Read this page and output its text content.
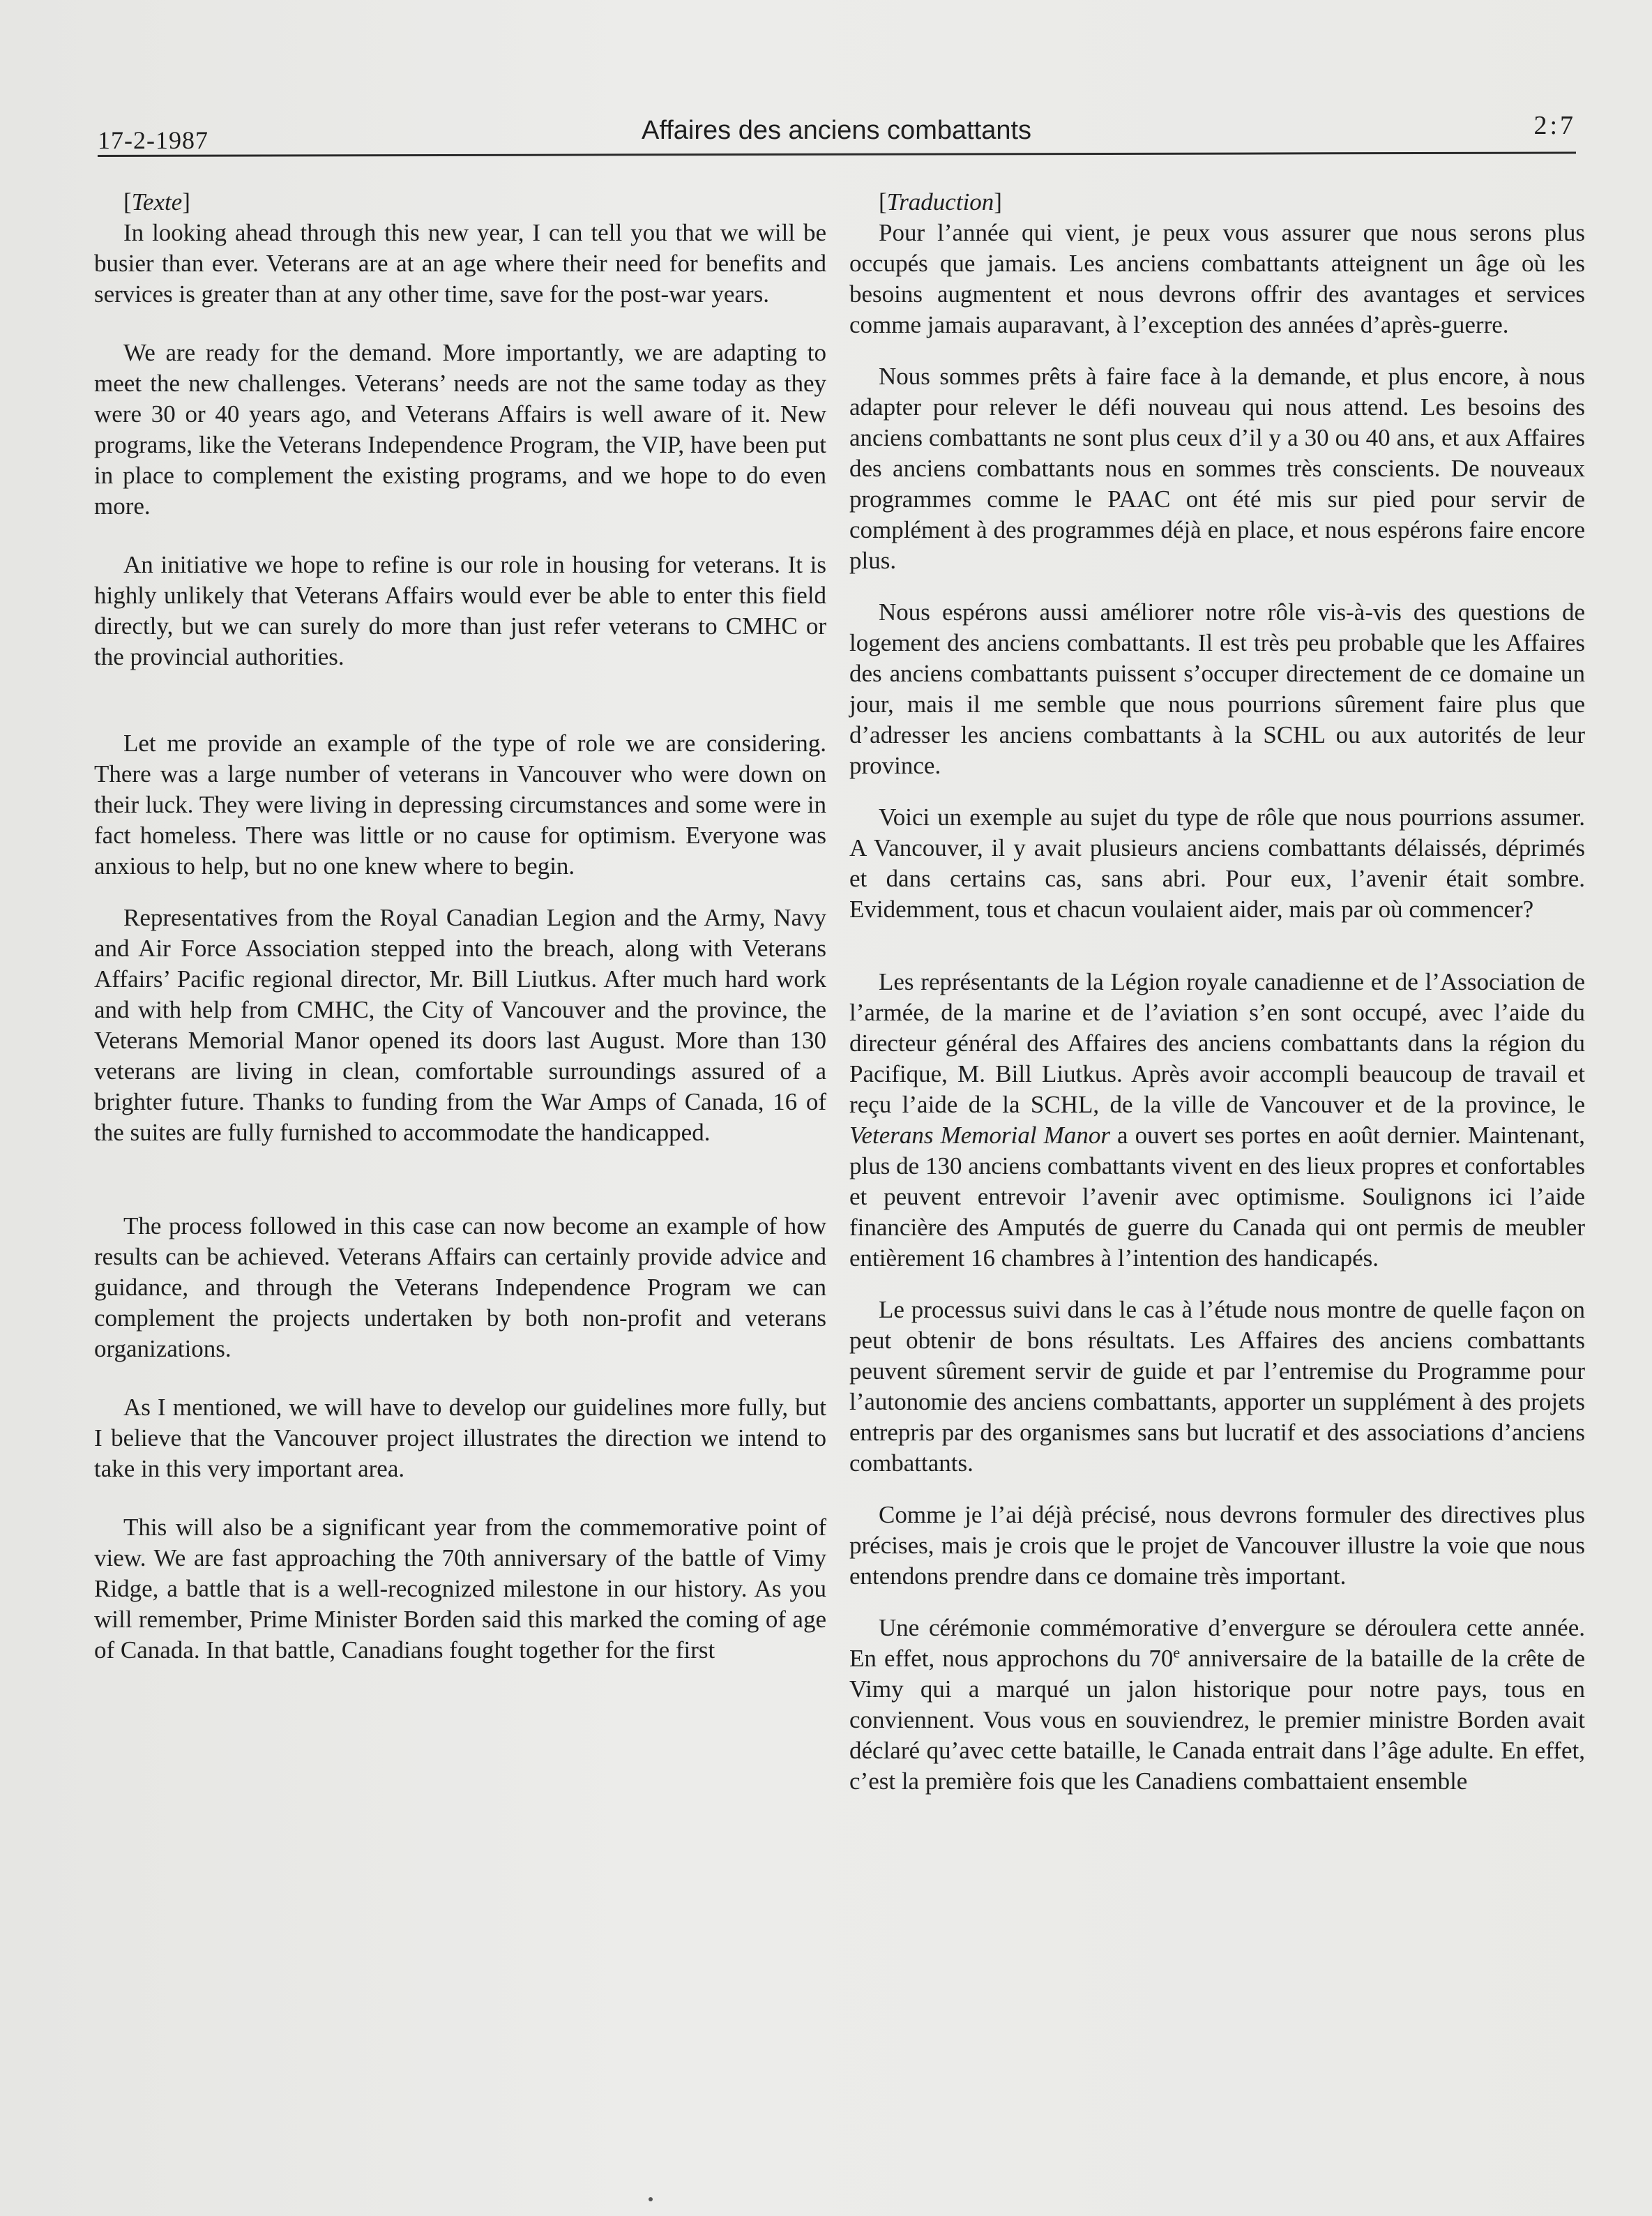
17-2-1987	Affaires des anciens combattants	2:7

[Texte]

In looking ahead through this new year, I can tell you that we will be busier than ever. Veterans are at an age where their need for benefits and services is greater than at any other time, save for the post-war years.

We are ready for the demand. More importantly, we are adapting to meet the new challenges. Veterans’ needs are not the same today as they were 30 or 40 years ago, and Veterans Affairs is well aware of it. New programs, like the Veterans Independence Program, the VIP, have been put in place to complement the existing programs, and we hope to do even more.

An initiative we hope to refine is our role in housing for veterans. It is highly unlikely that Veterans Affairs would ever be able to enter this field directly, but we can surely do more than just refer veterans to CMHC or the provincial authorities.

Let me provide an example of the type of role we are considering. There was a large number of veterans in Vancouver who were down on their luck. They were living in depressing circumstances and some were in fact homeless. There was little or no cause for optimism. Everyone was anxious to help, but no one knew where to begin.

Representatives from the Royal Canadian Legion and the Army, Navy and Air Force Association stepped into the breach, along with Veterans Affairs’ Pacific regional director, Mr. Bill Liutkus. After much hard work and with help from CMHC, the City of Vancouver and the province, the Veterans Memorial Manor opened its doors last August. More than 130 veterans are living in clean, comfortable surroundings assured of a brighter future. Thanks to funding from the War Amps of Canada, 16 of the suites are fully furnished to accommodate the handicapped.

The process followed in this case can now become an example of how results can be achieved. Veterans Affairs can certainly provide advice and guidance, and through the Veterans Independence Program we can complement the projects undertaken by both non-profit and veterans organizations.

As I mentioned, we will have to develop our guidelines more fully, but I believe that the Vancouver project illustrates the direction we intend to take in this very important area.

This will also be a significant year from the commemorative point of view. We are fast approaching the 70th anniversary of the battle of Vimy Ridge, a battle that is a well-recognized milestone in our history. As you will remember, Prime Minister Borden said this marked the coming of age of Canada. In that battle, Canadians fought together for the first

[Traduction]

Pour l’année qui vient, je peux vous assurer que nous serons plus occupés que jamais. Les anciens combattants atteignent un âge où les besoins augmentent et nous devrons offrir des avantages et services comme jamais auparavant, à l’exception des années d’après-guerre.

Nous sommes prêts à faire face à la demande, et plus encore, à nous adapter pour relever le défi nouveau qui nous attend. Les besoins des anciens combattants ne sont plus ceux d’il y a 30 ou 40 ans, et aux Affaires des anciens combattants nous en sommes très conscients. De nouveaux programmes comme le PAAC ont été mis sur pied pour servir de complément à des programmes déjà en place, et nous espérons faire encore plus.

Nous espérons aussi améliorer notre rôle vis-à-vis des questions de logement des anciens combattants. Il est très peu probable que les Affaires des anciens combattants puissent s’occuper directement de ce domaine un jour, mais il me semble que nous pourrions sûrement faire plus que d’adresser les anciens combattants à la SCHL ou aux autorités de leur province.

Voici un exemple au sujet du type de rôle que nous pourrions assumer. A Vancouver, il y avait plusieurs anciens combattants délaissés, déprimés et dans certains cas, sans abri. Pour eux, l’avenir était sombre. Evidemment, tous et chacun voulaient aider, mais par où commencer?

Les représentants de la Légion royale canadienne et de l’Association de l’armée, de la marine et de l’aviation s’en sont occupé, avec l’aide du directeur général des Affaires des anciens combattants dans la région du Pacifique, M. Bill Liutkus. Après avoir accompli beaucoup de travail et reçu l’aide de la SCHL, de la ville de Vancouver et de la province, le Veterans Memorial Manor a ouvert ses portes en août dernier. Maintenant, plus de 130 anciens combattants vivent en des lieux propres et confortables et peuvent entrevoir l’avenir avec optimisme. Soulignons ici l’aide financière des Amputés de guerre du Canada qui ont permis de meubler entièrement 16 chambres à l’intention des handicapés.

Le processus suivi dans le cas à l’étude nous montre de quelle façon on peut obtenir de bons résultats. Les Affaires des anciens combattants peuvent sûrement servir de guide et par l’entremise du Programme pour l’autonomie des anciens combattants, apporter un supplément à des projets entrepris par des organismes sans but lucratif et des associations d’anciens combattants.

Comme je l’ai déjà précisé, nous devrons formuler des directives plus précises, mais je crois que le projet de Vancouver illustre la voie que nous entendons prendre dans ce domaine très important.

Une cérémonie commémorative d’envergure se déroulera cette année. En effet, nous approchons du 70e anniversaire de la bataille de la crête de Vimy qui a marqué un jalon historique pour notre pays, tous en conviennent. Vous vous en souviendrez, le premier ministre Borden avait déclaré qu’avec cette bataille, le Canada entrait dans l’âge adulte. En effet, c’est la première fois que les Canadiens combattaient ensemble
